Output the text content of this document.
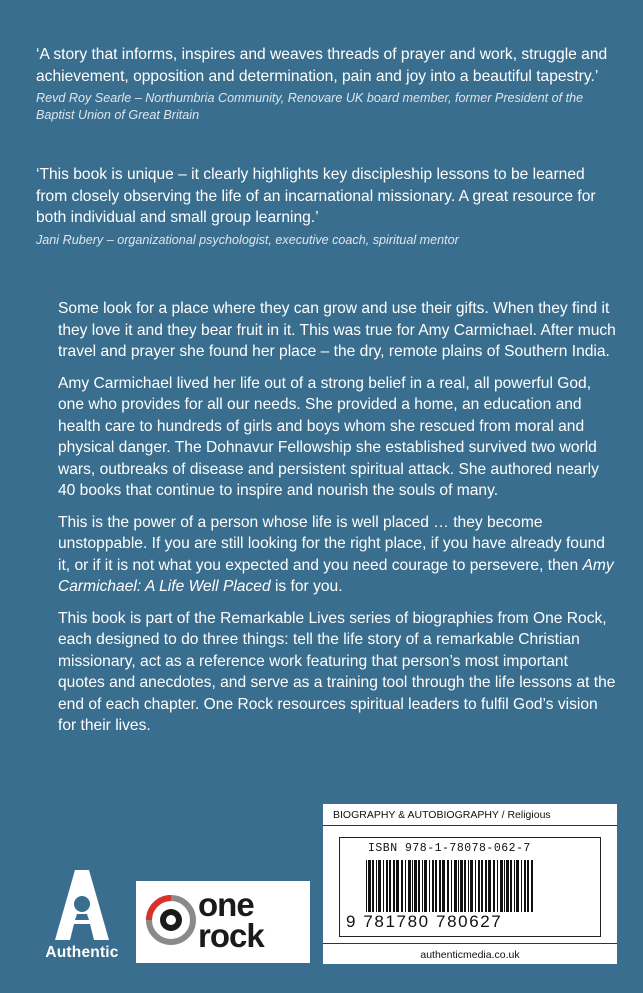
‘A story that informs, inspires and weaves threads of prayer and work, struggle and achievement, opposition and determination, pain and joy into a beautiful tapestry.’

Revd Roy Searle – Northumbria Community, Renovare UK board member, former President of the Baptist Union of Great Britain

‘This book is unique – it clearly highlights key discipleship lessons to be learned from closely observing the life of an incarnational missionary. A great resource for both individual and small group learning.’

Jani Rubery – organizational psychologist, executive coach, spiritual mentor

Some look for a place where they can grow and use their gifts. When they find it they love it and they bear fruit in it. This was true for Amy Carmichael. After much travel and prayer she found her place – the dry, remote plains of Southern India.

Amy Carmichael lived her life out of a strong belief in a real, all powerful God, one who provides for all our needs. She provided a home, an education and health care to hundreds of girls and boys whom she rescued from moral and physical danger. The Dohnavur Fellowship she established survived two world wars, outbreaks of disease and persistent spiritual attack. She authored nearly 40 books that continue to inspire and nourish the souls of many.

This is the power of a person whose life is well placed … they become unstoppable. If you are still looking for the right place, if you have already found it, or if it is not what you expected and you need courage to persevere, then Amy Carmichael: A Life Well Placed is for you.

This book is part of the Remarkable Lives series of biographies from One Rock, each designed to do three things: tell the life story of a remarkable Christian missionary, act as a reference work featuring that person’s most important quotes and anecdotes, and serve as a training tool through the life lessons at the end of each chapter. One Rock resources spiritual leaders to fulfil God’s vision for their lives.

BIOGRAPHY & AUTOBIOGRAPHY / Religious
ISBN 978-1-78078-062-7
9 781780 780627
authenticmedia.co.uk
Authentic
one
rock
